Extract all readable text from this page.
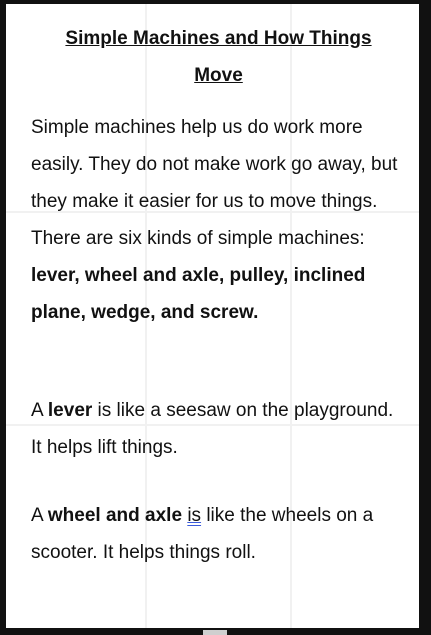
Simple Machines and How Things
Move

Simple machines help us do work more easily. They do not make work go away, but they make it easier for us to move things. There are six kinds of simple machines: lever, wheel and axle, pulley, inclined plane, wedge, and screw.

A lever is like a seesaw on the playground. It helps lift things.

A wheel and axle is like the wheels on a scooter. It helps things roll.
